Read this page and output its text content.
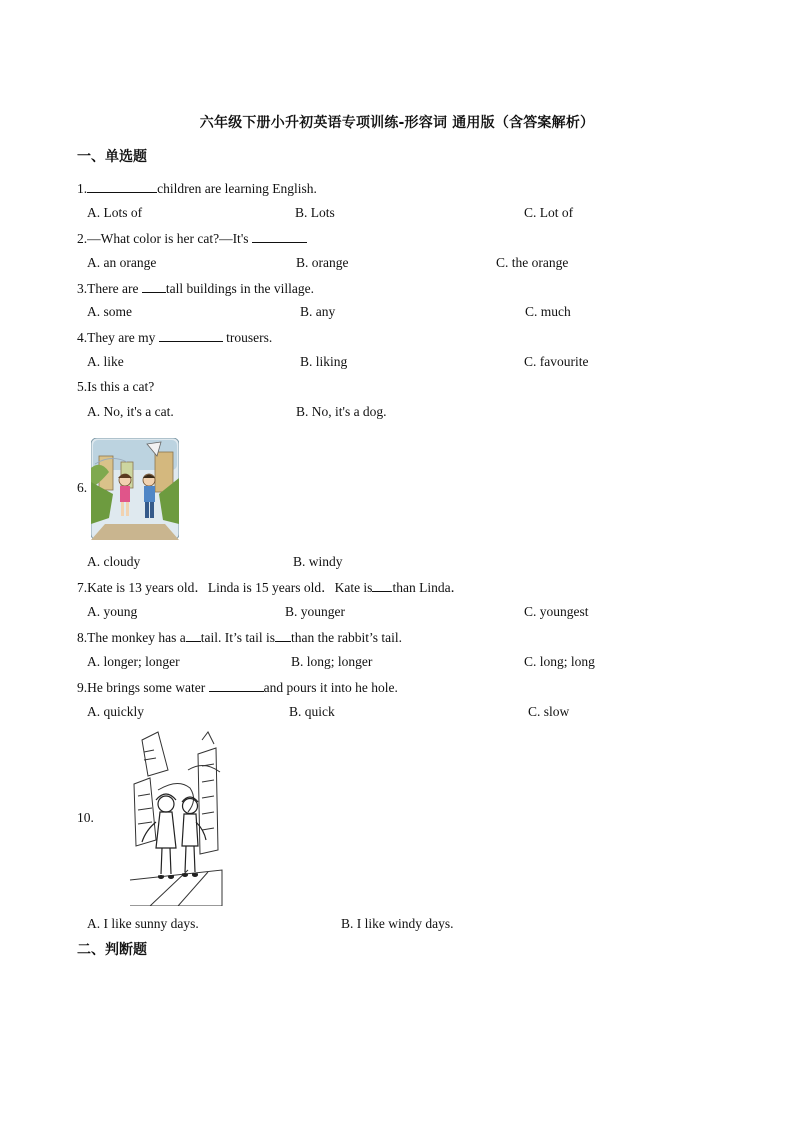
六年级下册小升初英语专项训练-形容词 通用版（含答案解析）
一、单选题
1.	children are learning English.
A. Lots of	B. Lots	C. Lot of
2.—What color is her cat?—It's
A. an orange	B. orange	C. the orange
3.There are tall buildings in the village.
A. some	B. any	C. much
4.They are my	trousers.
A. like	B. liking	C. favourite
5.Is this a cat?
A. No, it's a cat.	B. No, it's a dog.
6.
A. cloudy	B. windy
7.Kate is 13 years old．Linda is 15 years old．Kate is than Linda．
A. young	B. younger	C. youngest
8.The monkey has a tail. It’s tail is than the rabbit’s tail.
A. longer; longer	B. long; longer	C. long; long
9.He brings some water	and pours it into he hole.
A. quickly	B. quick	C. slow
10.
A. I like sunny days.	B. I like windy days.
二、判断题
